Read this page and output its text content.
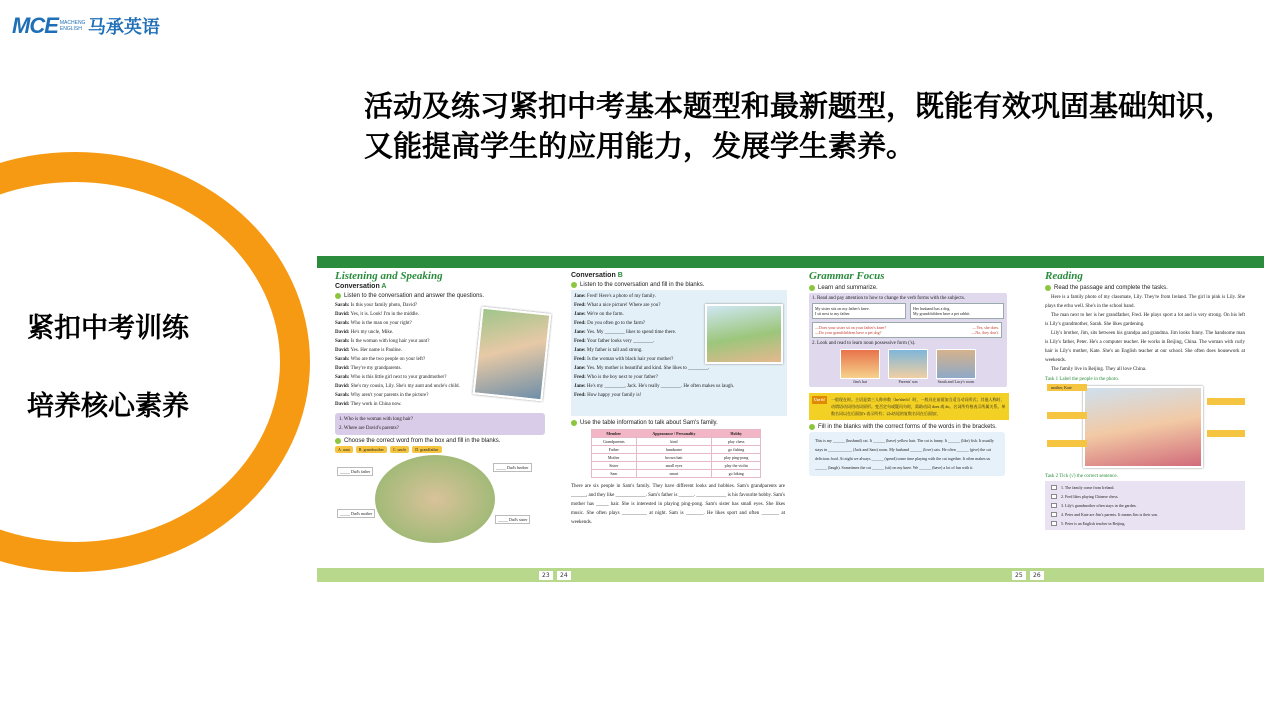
MCE MACHENG ENGLISH 马承英语
活动及练习紧扣中考基本题型和最新题型，既能有效巩固基础知识，又能提高学生的应用能力，发展学生素养。
紧扣中考训练
培养核心素养
Listening and Speaking
Conversation A
Listen to the conversation and answer the questions.
Sarah: Is this your family photo, David?
David: Yes, it is. Look! I'm in the middle.
Sarah: Who is the man on your right?
David: He's my uncle, Mike.
Sarah: Is the woman with long hair your aunt?
David: Yes. Her name is Pauline.
Sarah: Who are the two people on your left?
David: They're my grandparents.
Sarah: Who is this little girl next to your grandmother?
David: She's my cousin, Lily. She's my aunt and uncle's child.
Sarah: Why aren't your parents in the picture?
David: They work in China now.
1. Who is the woman with long hair?
2. Where are David's parents?
Choose the correct word from the box and fill in the blanks.
A. aunt	B. grandmother	C. uncle	D. grandfather
_____ Dad's father
_____ Dad's brother
_____ Dad's mother
_____ Dad's sister
Conversation B
Listen to the conversation and fill in the blanks.
Jane: Fred! Here's a photo of my family.
Fred: What a nice picture! Where are you?
Jane: We're on the farm.
Fred: Do you often go to the farm?
Jane: Yes. My ________ likes to spend time there.
Fred: Your father looks very ________.
Jane: My father is tall and strong.
Fred: Is the woman with black hair your mother?
Jane: Yes. My mother is beautiful and kind. She likes to ________.
Fred: Who is the boy next to your father?
Jane: He's my ________, Jack. He's really ________. He often makes us laugh.
Fred: How happy your family is!
Use the table information to talk about Sam's family.
Member	Appearance / Personality	Hobby
Grandparents	kind	play chess
Father	handsome	go fishing
Mother	brown hair	play ping-pong
Sister	small eyes	play the violin
Sam	smart	go hiking
There are six people in Sam's family. They have different looks and hobbies. Sam's grandparents are ______, and they like ____________. Sam's father is ______. ____________ is his favourite hobby. Sam's mother has _____ hair. She is interested in playing ping-pong. Sam's sister has small eyes. She likes music. She often plays __________ at night. Sam is _______. He likes sport and often _______ at weekends.
Grammar Focus
Learn and summarize.
1. Read and pay attention to how to change the verb forms with the subjects.
My sister sits on my father's knee.
I sit next to my father.
Her husband has a dog.
My grandchildren have a pet rabbit.
—Does your sister sit on your father's knee?	—Yes, she does.
—Do your grandchildren have a pet dog?	—No, they don't.
2. Look and read to learn noun possessive form ('s).
Jim's bat	Parents' son	Sarah and Lucy's room
Use it!	一般现在时。主语是第三人称单数（he/she/it）时，一般具在前面加当适当动词形式；其他人称时，动谓语动词用动词原形。变否定句或疑问句时，需助动词 does 或 do。名词所有格表示所属关系。单数名词以在后面加's 表示所有；以s结尾的复数名词在后面加'。
Fill in the blanks with the correct forms of the words in the brackets.
This is my ______ (husband) cat. It ______ (have) yellow hair. The cat is funny. It ______ (like) fish. It usually stays in ____________ (Jack and Sam) room. My husband ______ (love) cats. He often ______ (give) the cat delicious food. At night we always ______ (spend) some time playing with the cat together. It often makes us ______ (laugh). Sometimes the cat ______ (sit) on my knee. We ______ (have) a lot of fun with it.
Reading
Read the passage and complete the tasks.
Here is a family photo of my classmate, Lily. They're from Ireland. The girl in pink is Lily. She plays the erhu well. She's in the school band.
The man next to her is her grandfather, Fred. He plays sport a lot and is very strong. On his left is Lily's grandmother, Sarah. She likes gardening.
Lily's brother, Jim, sits between his grandpa and grandma. Jim looks funny. The handsome man is Lily's father, Peter. He's a computer teacher. He works in Beijing, China. The woman with curly hair is Lily's mother, Kate. She's an English teacher at our school. She often does housework at weekends.
The family live in Beijing. They all love China.
Task 1 Label the people in the photo.
mother, Kate
Task 2 Tick (√) the correct sentence.
1. The family come from Ireland.
2. Fred likes playing Chinese chess.
3. Lily's grandmother often stays in the garden.
4. Peter and Kate are Jim's parents. It means Jim is their son.
5. Peter is an English teacher in Beijing.
23	24	25	26
